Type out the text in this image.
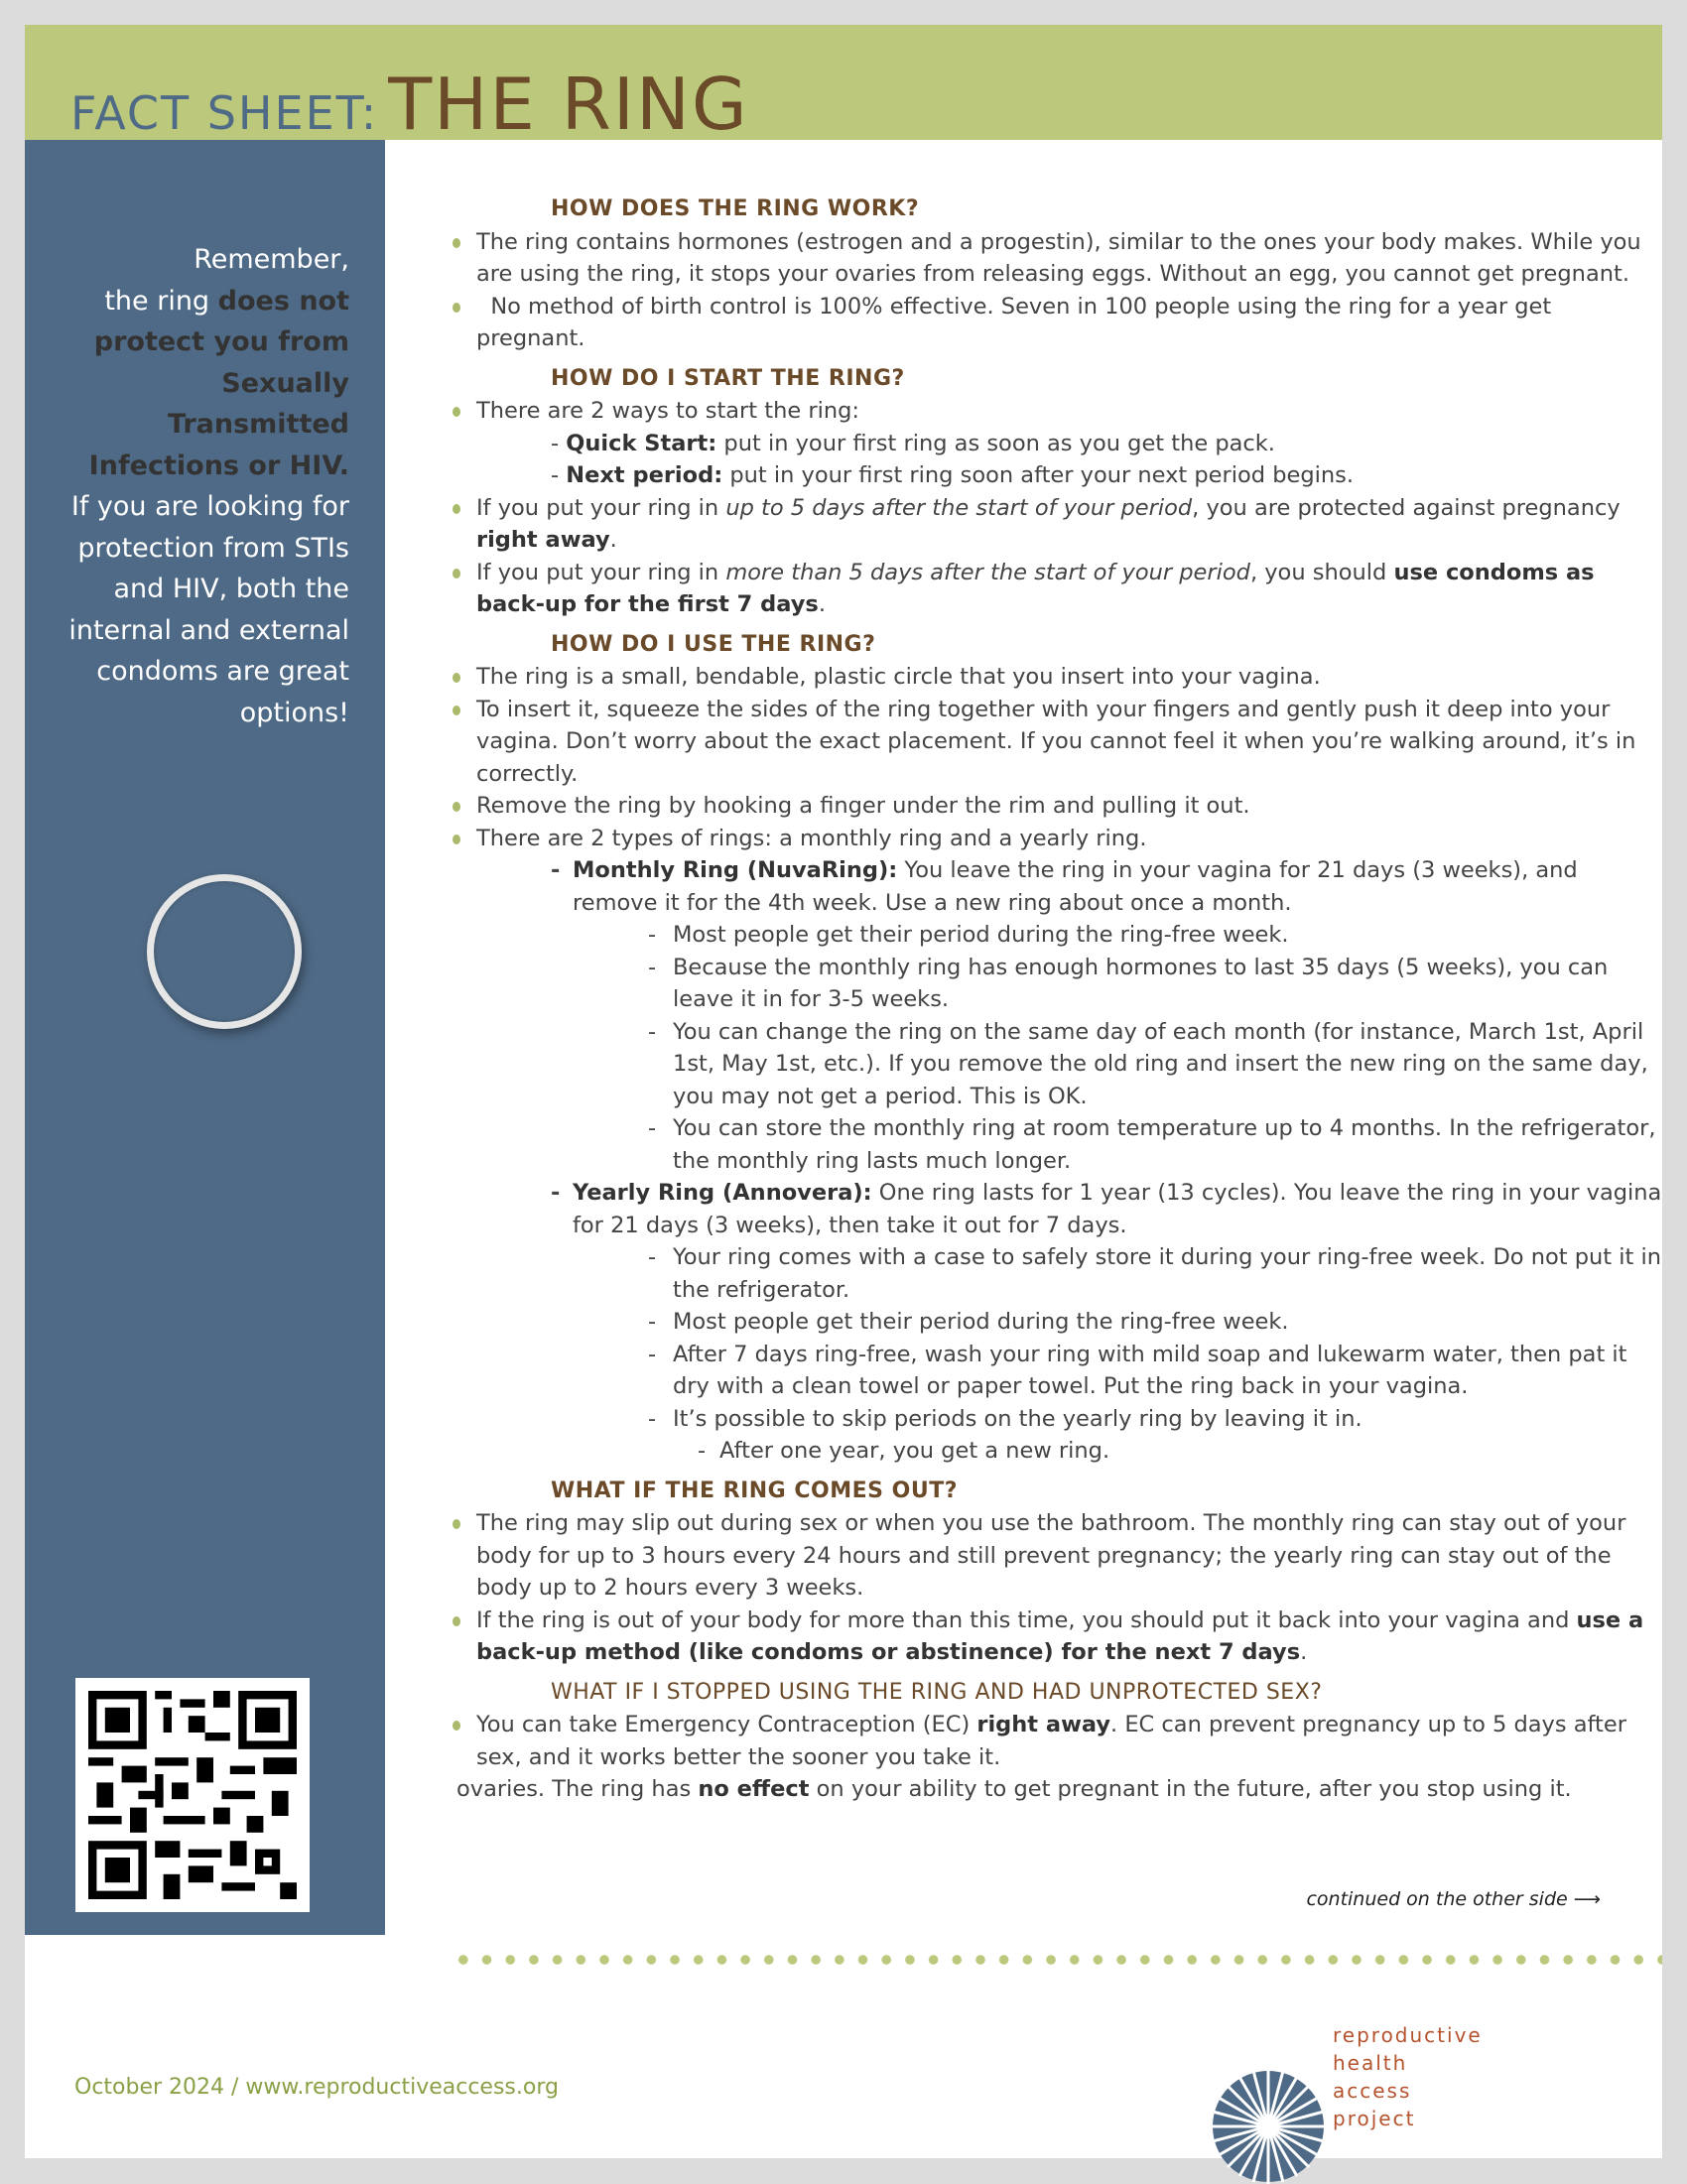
FACT SHEET: THE RING
Remember,
the ring does not protect you from Sexually Transmitted Infections or HIV.
If you are looking for protection from STIs and HIV, both the internal and external condoms are great options!
HOW DOES THE RING WORK?
The ring contains hormones (estrogen and a progestin), similar to the ones your body makes. While you are using the ring, it stops your ovaries from releasing eggs. Without an egg, you cannot get pregnant.
No method of birth control is 100% effective. Seven in 100 people using the ring for a year get pregnant.
HOW DO I START THE RING?
There are 2 ways to start the ring:
- Quick Start: put in your first ring as soon as you get the pack.
- Next period: put in your first ring soon after your next period begins.
If you put your ring in up to 5 days after the start of your period, you are protected against pregnancy right away.
If you put your ring in more than 5 days after the start of your period, you should use condoms as back-up for the first 7 days.
HOW DO I USE THE RING?
The ring is a small, bendable, plastic circle that you insert into your vagina.
To insert it, squeeze the sides of the ring together with your fingers and gently push it deep into your vagina. Don’t worry about the exact placement. If you cannot feel it when you’re walking around, it’s in correctly.
Remove the ring by hooking a finger under the rim and pulling it out.
There are 2 types of rings: a monthly ring and a yearly ring.
- Monthly Ring (NuvaRing): You leave the ring in your vagina for 21 days (3 weeks), and remove it for the 4th week. Use a new ring about once a month.
- Most people get their period during the ring-free week.
- Because the monthly ring has enough hormones to last 35 days (5 weeks), you can leave it in for 3-5 weeks.
- You can change the ring on the same day of each month (for instance, March 1st, April 1st, May 1st, etc.). If you remove the old ring and insert the new ring on the same day, you may not get a period. This is OK.
- You can store the monthly ring at room temperature up to 4 months. In the refrigerator, the monthly ring lasts much longer.
- Yearly Ring (Annovera): One ring lasts for 1 year (13 cycles). You leave the ring in your vagina for 21 days (3 weeks), then take it out for 7 days.
- Your ring comes with a case to safely store it during your ring-free week. Do not put it in the refrigerator.
- Most people get their period during the ring-free week.
- After 7 days ring-free, wash your ring with mild soap and lukewarm water, then pat it dry with a clean towel or paper towel. Put the ring back in your vagina.
- It’s possible to skip periods on the yearly ring by leaving it in.
- After one year, you get a new ring.
WHAT IF THE RING COMES OUT?
The ring may slip out during sex or when you use the bathroom. The monthly ring can stay out of your body for up to 3 hours every 24 hours and still prevent pregnancy; the yearly ring can stay out of the body up to 2 hours every 3 weeks.
If the ring is out of your body for more than this time, you should put it back into your vagina and use a back-up method (like condoms or abstinence) for the next 7 days.
WHAT IF I STOPPED USING THE RING AND HAD UNPROTECTED SEX?
You can take Emergency Contraception (EC) right away. EC can prevent pregnancy up to 5 days after sex, and it works better the sooner you take it.
ovaries. The ring has no effect on your ability to get pregnant in the future, after you stop using it.
continued on the other side ⟶
October 2024 / www.reproductiveaccess.org
reproductive
health
access
project
